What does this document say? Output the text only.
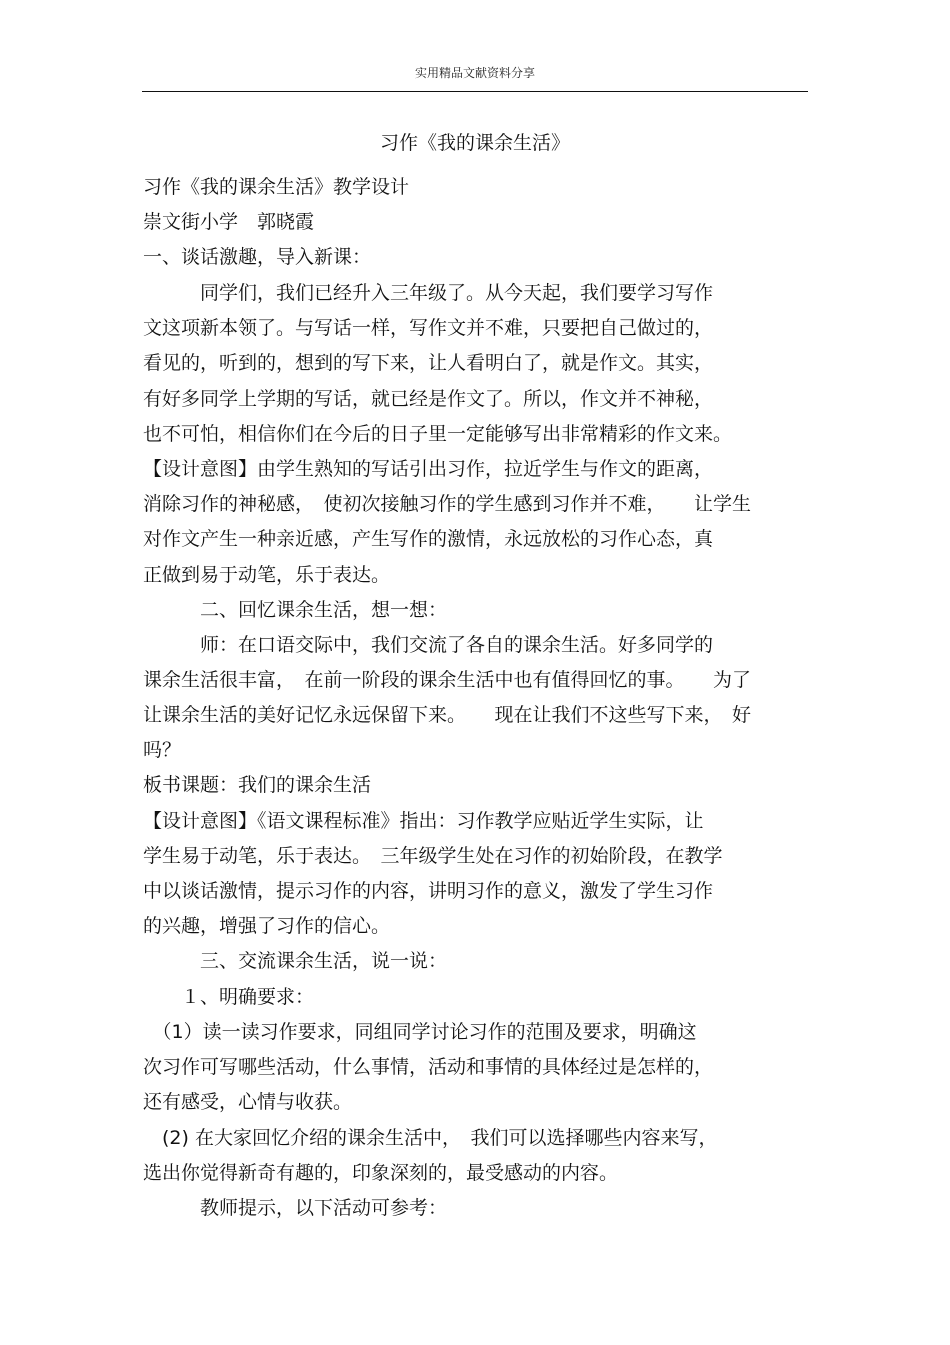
实用精品文献资料分享
习作《我的课余生活》
习作《我的课余生活》教学设计
崇文街小学　郭晓霞
一、谈话激趣，导入新课：
　　　同学们，我们已经升入三年级了。从今天起，我们要学习写作
文这项新本领了。与写话一样，写作文并不难，只要把自己做过的，
看见的，听到的，想到的写下来，让人看明白了，就是作文。其实，
有好多同学上学期的写话，就已经是作文了。所以，作文并不神秘，
也不可怕，相信你们在今后的日子里一定能够写出非常精彩的作文来。
【设计意图】由学生熟知的写话引出习作，拉近学生与作文的距离，
消除习作的神秘感，　使初次接触习作的学生感到习作并不难，　　让学生
对作文产生一种亲近感，产生写作的激情，永远放松的习作心态，真
正做到易于动笔，乐于表达。
　　　二、回忆课余生活，想一想：
　　　师：在口语交际中，我们交流了各自的课余生活。好多同学的
课余生活很丰富，　在前一阶段的课余生活中也有值得回忆的事。　　为了
让课余生活的美好记忆永远保留下来。　　现在让我们不这些写下来，　好
吗？
板书课题：我们的课余生活
【设计意图】《语文课程标准》指出：习作教学应贴近学生实际，让
学生易于动笔，乐于表达。　三年级学生处在习作的初始阶段，在教学
中以谈话激情，提示习作的内容，讲明习作的意义，激发了学生习作
的兴趣，增强了习作的信心。
　　　三、交流课余生活，说一说：
　　１、明确要求：
　（1）读一读习作要求，同组同学讨论习作的范围及要求，明确这
次习作可写哪些活动，什么事情，活动和事情的具体经过是怎样的，
还有感受，心情与收获。
　(2) 在大家回忆介绍的课余生活中，　我们可以选择哪些内容来写，
选出你觉得新奇有趣的，印象深刻的，最受感动的内容。
　　　教师提示，以下活动可参考：
